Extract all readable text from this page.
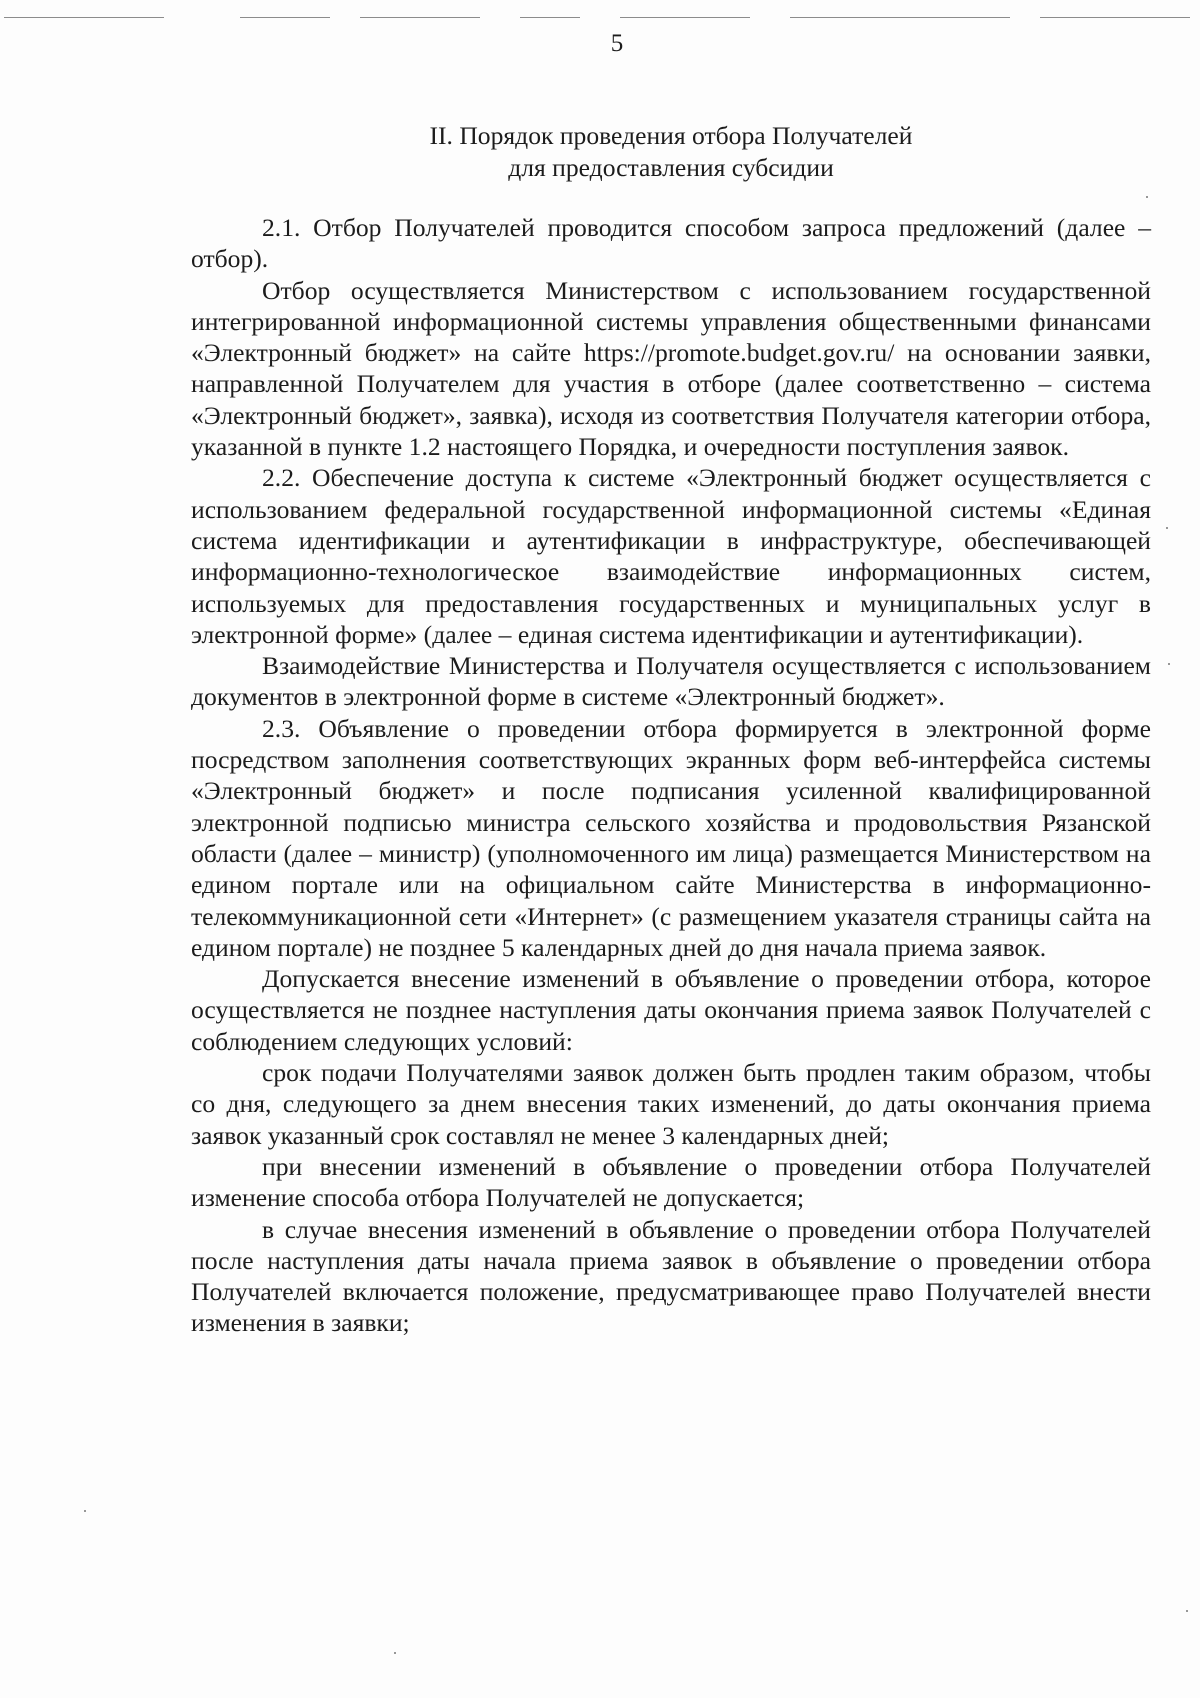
5
II. Порядок проведения отбора Получателей
для предоставления субсидии

2.1. Отбор Получателей проводится способом запроса предложений (далее – отбор).

Отбор осуществляется Министерством с использованием государственной интегрированной информационной системы управления общественными финансами «Электронный бюджет» на сайте https://promote.budget.gov.ru/ на основании заявки, направленной Получателем для участия в отборе (далее соответственно – система «Электронный бюджет», заявка), исходя из соответствия Получателя категории отбора, указанной в пункте 1.2 настоящего Порядка, и очередности поступления заявок.

2.2. Обеспечение доступа к системе «Электронный бюджет осуществляется с использованием федеральной государственной информационной системы «Единая система идентификации и аутентификации в инфраструктуре, обеспечивающей информационно-технологическое взаимодействие информационных систем, используемых для предоставления государственных и муниципальных услуг в электронной форме» (далее – единая система идентификации и аутентификации).

Взаимодействие Министерства и Получателя осуществляется с использованием документов в электронной форме в системе «Электронный бюджет».

2.3. Объявление о проведении отбора формируется в электронной форме посредством заполнения соответствующих экранных форм веб-интерфейса системы «Электронный бюджет» и после подписания усиленной квалифицированной электронной подписью министра сельского хозяйства и продовольствия Рязанской области (далее – министр) (уполномоченного им лица) размещается Министерством на едином портале или на официальном сайте Министерства в информационно-телекоммуникационной сети «Интернет» (с размещением указателя страницы сайта на едином портале) не позднее 5 календарных дней до дня начала приема заявок.

Допускается внесение изменений в объявление о проведении отбора, которое осуществляется не позднее наступления даты окончания приема заявок Получателей с соблюдением следующих условий:

срок подачи Получателями заявок должен быть продлен таким образом, чтобы со дня, следующего за днем внесения таких изменений, до даты окончания приема заявок указанный срок составлял не менее 3 календарных дней;

при внесении изменений в объявление о проведении отбора Получателей изменение способа отбора Получателей не допускается;

в случае внесения изменений в объявление о проведении отбора Получателей после наступления даты начала приема заявок в объявление о проведении отбора Получателей включается положение, предусматривающее право Получателей внести изменения в заявки;
